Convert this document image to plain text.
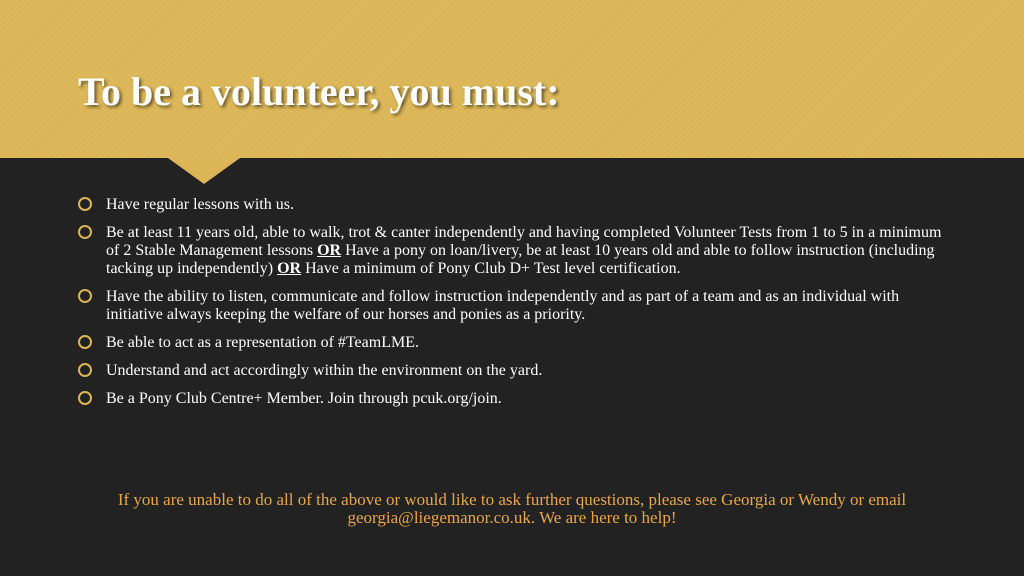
To be a volunteer, you must:
Have regular lessons with us.
Be at least 11 years old, able to walk, trot & canter independently and having completed Volunteer Tests from 1 to 5 in a minimum of 2 Stable Management lessons OR Have a pony on loan/livery, be at least 10 years old and able to follow instruction (including tacking up independently) OR Have a minimum of Pony Club D+ Test level certification.
Have the ability to listen, communicate and follow instruction independently and as part of a team and as an individual with initiative always keeping the welfare of our horses and ponies as a priority.
Be able to act as a representation of #TeamLME.
Understand and act accordingly within the environment on the yard.
Be a Pony Club Centre+ Member. Join through pcuk.org/join.

If you are unable to do all of the above or would like to ask further questions, please see Georgia or Wendy or email georgia@liegemanor.co.uk. We are here to help!
